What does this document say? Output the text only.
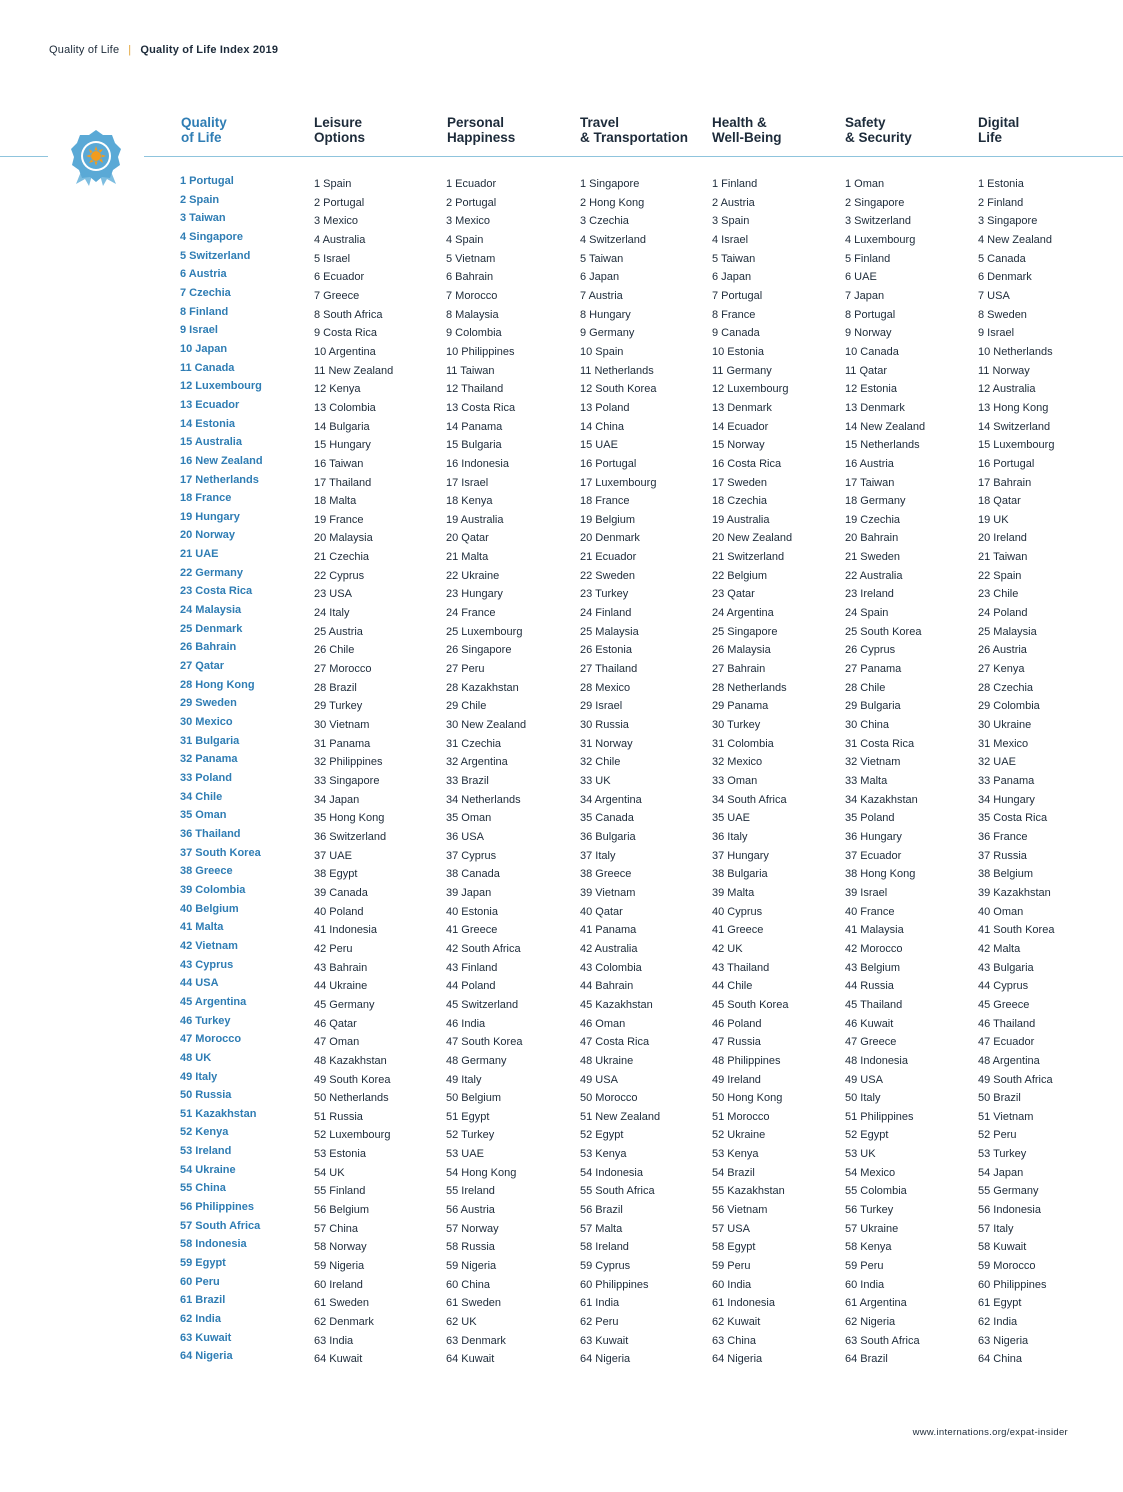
Quality of Life | Quality of Life Index 2019
Quality
of Life
Leisure
Options
Personal
Happiness
Travel
& Transportation
Health &
Well-Being
Safety
& Security
Digital
Life
1 Portugal
2 Spain
3 Taiwan
4 Singapore
5 Switzerland
6 Austria
7 Czechia
8 Finland
9 Israel
10 Japan
11 Canada
12 Luxembourg
13 Ecuador
14 Estonia
15 Australia
16 New Zealand
17 Netherlands
18 France
19 Hungary
20 Norway
21 UAE
22 Germany
23 Costa Rica
24 Malaysia
25 Denmark
26 Bahrain
27 Qatar
28 Hong Kong
29 Sweden
30 Mexico
31 Bulgaria
32 Panama
33 Poland
34 Chile
35 Oman
36 Thailand
37 South Korea
38 Greece
39 Colombia
40 Belgium
41 Malta
42 Vietnam
43 Cyprus
44 USA
45 Argentina
46 Turkey
47 Morocco
48 UK
49 Italy
50 Russia
51 Kazakhstan
52 Kenya
53 Ireland
54 Ukraine
55 China
56 Philippines
57 South Africa
58 Indonesia
59 Egypt
60 Peru
61 Brazil
62 India
63 Kuwait
64 Nigeria
1 Spain
2 Portugal
3 Mexico
4 Australia
5 Israel
6 Ecuador
7 Greece
8 South Africa
9 Costa Rica
10 Argentina
11 New Zealand
12 Kenya
13 Colombia
14 Bulgaria
15 Hungary
16 Taiwan
17 Thailand
18 Malta
19 France
20 Malaysia
21 Czechia
22 Cyprus
23 USA
24 Italy
25 Austria
26 Chile
27 Morocco
28 Brazil
29 Turkey
30 Vietnam
31 Panama
32 Philippines
33 Singapore
34 Japan
35 Hong Kong
36 Switzerland
37 UAE
38 Egypt
39 Canada
40 Poland
41 Indonesia
42 Peru
43 Bahrain
44 Ukraine
45 Germany
46 Qatar
47 Oman
48 Kazakhstan
49 South Korea
50 Netherlands
51 Russia
52 Luxembourg
53 Estonia
54 UK
55 Finland
56 Belgium
57 China
58 Norway
59 Nigeria
60 Ireland
61 Sweden
62 Denmark
63 India
64 Kuwait
1 Ecuador
2 Portugal
3 Mexico
4 Spain
5 Vietnam
6 Bahrain
7 Morocco
8 Malaysia
9 Colombia
10 Philippines
11 Taiwan
12 Thailand
13 Costa Rica
14 Panama
15 Bulgaria
16 Indonesia
17 Israel
18 Kenya
19 Australia
20 Qatar
21 Malta
22 Ukraine
23 Hungary
24 France
25 Luxembourg
26 Singapore
27 Peru
28 Kazakhstan
29 Chile
30 New Zealand
31 Czechia
32 Argentina
33 Brazil
34 Netherlands
35 Oman
36 USA
37 Cyprus
38 Canada
39 Japan
40 Estonia
41 Greece
42 South Africa
43 Finland
44 Poland
45 Switzerland
46 India
47 South Korea
48 Germany
49 Italy
50 Belgium
51 Egypt
52 Turkey
53 UAE
54 Hong Kong
55 Ireland
56 Austria
57 Norway
58 Russia
59 Nigeria
60 China
61 Sweden
62 UK
63 Denmark
64 Kuwait
1 Singapore
2 Hong Kong
3 Czechia
4 Switzerland
5 Taiwan
6 Japan
7 Austria
8 Hungary
9 Germany
10 Spain
11 Netherlands
12 South Korea
13 Poland
14 China
15 UAE
16 Portugal
17 Luxembourg
18 France
19 Belgium
20 Denmark
21 Ecuador
22 Sweden
23 Turkey
24 Finland
25 Malaysia
26 Estonia
27 Thailand
28 Mexico
29 Israel
30 Russia
31 Norway
32 Chile
33 UK
34 Argentina
35 Canada
36 Bulgaria
37 Italy
38 Greece
39 Vietnam
40 Qatar
41 Panama
42 Australia
43 Colombia
44 Bahrain
45 Kazakhstan
46 Oman
47 Costa Rica
48 Ukraine
49 USA
50 Morocco
51 New Zealand
52 Egypt
53 Kenya
54 Indonesia
55 South Africa
56 Brazil
57 Malta
58 Ireland
59 Cyprus
60 Philippines
61 India
62 Peru
63 Kuwait
64 Nigeria
1 Finland
2 Austria
3 Spain
4 Israel
5 Taiwan
6 Japan
7 Portugal
8 France
9 Canada
10 Estonia
11 Germany
12 Luxembourg
13 Denmark
14 Ecuador
15 Norway
16 Costa Rica
17 Sweden
18 Czechia
19 Australia
20 New Zealand
21 Switzerland
22 Belgium
23 Qatar
24 Argentina
25 Singapore
26 Malaysia
27 Bahrain
28 Netherlands
29 Panama
30 Turkey
31 Colombia
32 Mexico
33 Oman
34 South Africa
35 UAE
36 Italy
37 Hungary
38 Bulgaria
39 Malta
40 Cyprus
41 Greece
42 UK
43 Thailand
44 Chile
45 South Korea
46 Poland
47 Russia
48 Philippines
49 Ireland
50 Hong Kong
51 Morocco
52 Ukraine
53 Kenya
54 Brazil
55 Kazakhstan
56 Vietnam
57 USA
58 Egypt
59 Peru
60 India
61 Indonesia
62 Kuwait
63 China
64 Nigeria
1 Oman
2 Singapore
3 Switzerland
4 Luxembourg
5 Finland
6 UAE
7 Japan
8 Portugal
9 Norway
10 Canada
11 Qatar
12 Estonia
13 Denmark
14 New Zealand
15 Netherlands
16 Austria
17 Taiwan
18 Germany
19 Czechia
20 Bahrain
21 Sweden
22 Australia
23 Ireland
24 Spain
25 South Korea
26 Cyprus
27 Panama
28 Chile
29 Bulgaria
30 China
31 Costa Rica
32 Vietnam
33 Malta
34 Kazakhstan
35 Poland
36 Hungary
37 Ecuador
38 Hong Kong
39 Israel
40 France
41 Malaysia
42 Morocco
43 Belgium
44 Russia
45 Thailand
46 Kuwait
47 Greece
48 Indonesia
49 USA
50 Italy
51 Philippines
52 Egypt
53 UK
54 Mexico
55 Colombia
56 Turkey
57 Ukraine
58 Kenya
59 Peru
60 India
61 Argentina
62 Nigeria
63 South Africa
64 Brazil
1 Estonia
2 Finland
3 Singapore
4 New Zealand
5 Canada
6 Denmark
7 USA
8 Sweden
9 Israel
10 Netherlands
11 Norway
12 Australia
13 Hong Kong
14 Switzerland
15 Luxembourg
16 Portugal
17 Bahrain
18 Qatar
19 UK
20 Ireland
21 Taiwan
22 Spain
23 Chile
24 Poland
25 Malaysia
26 Austria
27 Kenya
28 Czechia
29 Colombia
30 Ukraine
31 Mexico
32 UAE
33 Panama
34 Hungary
35 Costa Rica
36 France
37 Russia
38 Belgium
39 Kazakhstan
40 Oman
41 South Korea
42 Malta
43 Bulgaria
44 Cyprus
45 Greece
46 Thailand
47 Ecuador
48 Argentina
49 South Africa
50 Brazil
51 Vietnam
52 Peru
53 Turkey
54 Japan
55 Germany
56 Indonesia
57 Italy
58 Kuwait
59 Morocco
60 Philippines
61 Egypt
62 India
63 Nigeria
64 China
www.internations.org/expat-insider
